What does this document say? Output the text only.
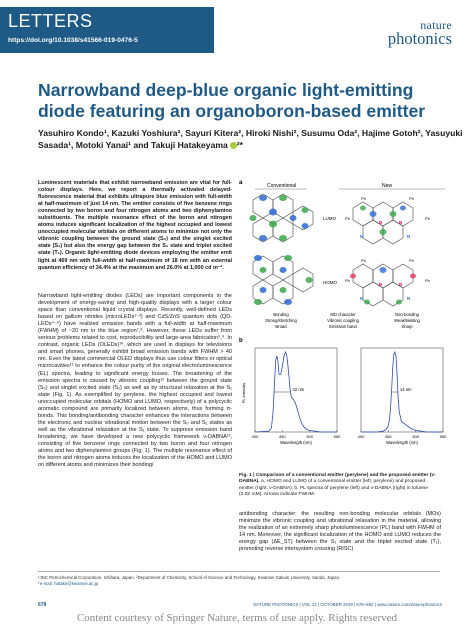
LETTERS
https://doi.org/10.1038/s41566-019-0476-5
nature
photonics
Narrowband deep-blue organic light-emitting diode featuring an organoboron-based emitter
Yasuhiro Kondo¹, Kazuki Yoshiura², Sayuri Kitera², Hiroki Nishi², Susumu Oda², Hajime Gotoh², Yasuyuki Sasada¹, Motoki Yanai¹ and Takuji Hatakeyama ²*

Luminescent materials that exhibit narrowband emission are vital for full-colour displays. Here, we report a thermally activated delayed-fluorescence material that exhibits ultrapure blue emission with full-width at half-maximum of just 14 nm. The emitter consists of five benzene rings connected by two boron and four nitrogen atoms and two diphenylamino substituents. The multiple resonance effect of the boron and nitrogen atoms induces significant localization of the highest occupied and lowest unoccupied molecular orbitals on different atoms to minimize not only the vibronic coupling between the ground state (S₀) and the singlet excited state (S₁) but also the energy gap between the S₁ state and triplet excited state (T₁). Organic light-emitting diode devices employing the emitter emit light at 469 nm with full-width at half-maximum of 18 nm with an external quantum efficiency of 34.4% at the maximum and 26.0% at 1,000 cd m⁻².

Narrowband light-emitting diodes (LEDs) are important components in the development of energy-saving and high-quality displays with a larger colour space than conventional liquid crystal displays. Recently, well-defined LEDs based on gallium nitrides (microLEDs¹⁻³) and CdS/ZnS quantum dots (QD-LEDs⁴⁻⁶) have realized emission bands with a full-width at half-maximum (FWHM) of ~20 nm in the blue region⁷,⁸. However, these LEDs suffer from serious problems related to cost, reproducibility and large-area fabrication⁵,⁹. In contrast, organic LEDs (OLEDs)¹⁰, which are used in displays for televisions and smart phones, generally exhibit broad emission bands with FWHM > 40 nm. Even the latest commercial OLED displays thus use colour filters or optical microcavities¹¹ to enhance the colour purity of the original electroluminescence (EL) spectra, leading to significant energy losses. The broadening of the emission spectra is caused by vibronic coupling¹² between the ground state (S₀) and singlet excited state (S₁) as well as by structural relaxation at the S₁ state (Fig. 1). As exemplified by perylene, the highest occupied and lowest unoccupied molecular orbitals (HOMO and LUMO, respectively) of a polycyclic aromatic compound are primarily localized between atoms, thus forming π-bonds. This bonding/antibonding character enhances the interactions between the electronic and nuclear vibrational motion between the S₀ and S₁ states as well as the vibrational relaxation at the S₁ state. To suppress emission band broadening, we have developed a new polycyclic framework ν-DABNA¹³, consisting of five benzene rings connected by two boron and four nitrogen atoms and two diphenylamino groups (Fig. 1). The multiple resonance effect of the boron and nitrogen atoms induces the localization of the HOMO and LUMO on different atoms and minimizes their bonding/

a	Conventional	New
LUMO
B	B
N	N
Ph	Ph
Ph	Ph
HOMO	B	B
N	N
Ph	Ph
Ph	Ph
Bonding
Strong/stretching
Broad
MO character
Vibronic coupling
Emission band
Non-bonding
Weak/twisting
Sharp
b
PL intensity
400	450	500	550
Wavelength (nm)
42 nm
400	450	500	550
Wavelength (nm)
14 nm

Fig. 1 | Comparison of a conventional emitter (perylene) and the proposed emitter (ν-DABNA). a, HOMO and LUMO of a conventional emitter (left, perylene) and proposed emitter (right, ν-DABNA). b, PL spectra of perylene (left) and ν-DABNA (right) in toluene (0.02 mM). Arrows indicate FWHM.

antibonding character; the resulting non-bonding molecular orbitals (MOs) minimize the vibronic coupling and vibrational relaxation in the material, allowing the realization of an extremely sharp photoluminescence (PL) band with FWHM of 14 nm. Moreover, the significant localization of the HOMO and LUMO reduces the energy gap (ΔE_ST) between the S₁ state and the triplet excited state (T₁), promoting reverse intersystem crossing (RISC)

¹JNC Petrochemical Corporation, Ichihara, Japan. ²Department of Chemistry, School of Science and Technology, Kwansei Gakuin University, Sanda, Japan.
*e-mail: hatake@kwansei.ac.jp
678	NATURE PHOTONICS | VOL 13 | OCTOBER 2019 | 678–682 | www.nature.com/naturephotonics
Content courtesy of Springer Nature, terms of use apply. Rights reserved
